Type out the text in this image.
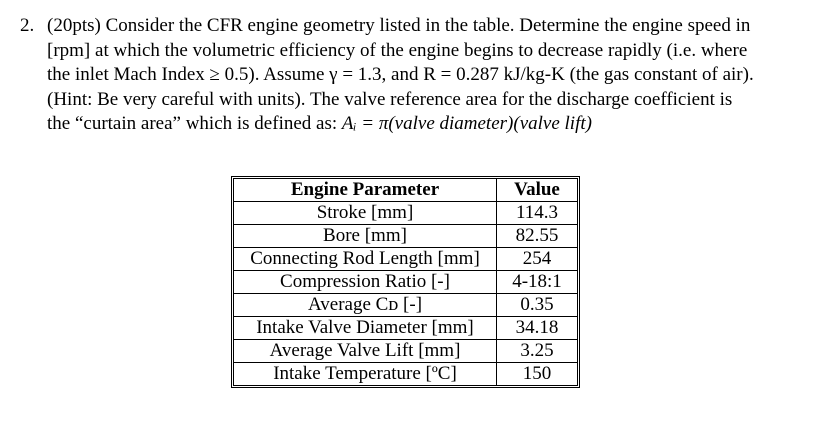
2. (20pts) Consider the CFR engine geometry listed in the table. Determine the engine speed in
[rpm] at which the volumetric efficiency of the engine begins to decrease rapidly (i.e. where
the inlet Mach Index ≥ 0.5). Assume γ = 1.3, and R = 0.287 kJ/kg-K (the gas constant of air).
(Hint: Be very careful with units). The valve reference area for the discharge coefficient is
the “curtain area” which is defined as: Aᵢ = π(valve diameter)(valve lift)
Engine Parameter	Value
Stroke [mm]	114.3
Bore [mm]	82.55
Connecting Rod Length [mm]	254
Compression Ratio [-]	4-18:1
Average Cᴅ [-]	0.35
Intake Valve Diameter [mm]	34.18
Average Valve Lift [mm]	3.25
Intake Temperature [ºC]	150
